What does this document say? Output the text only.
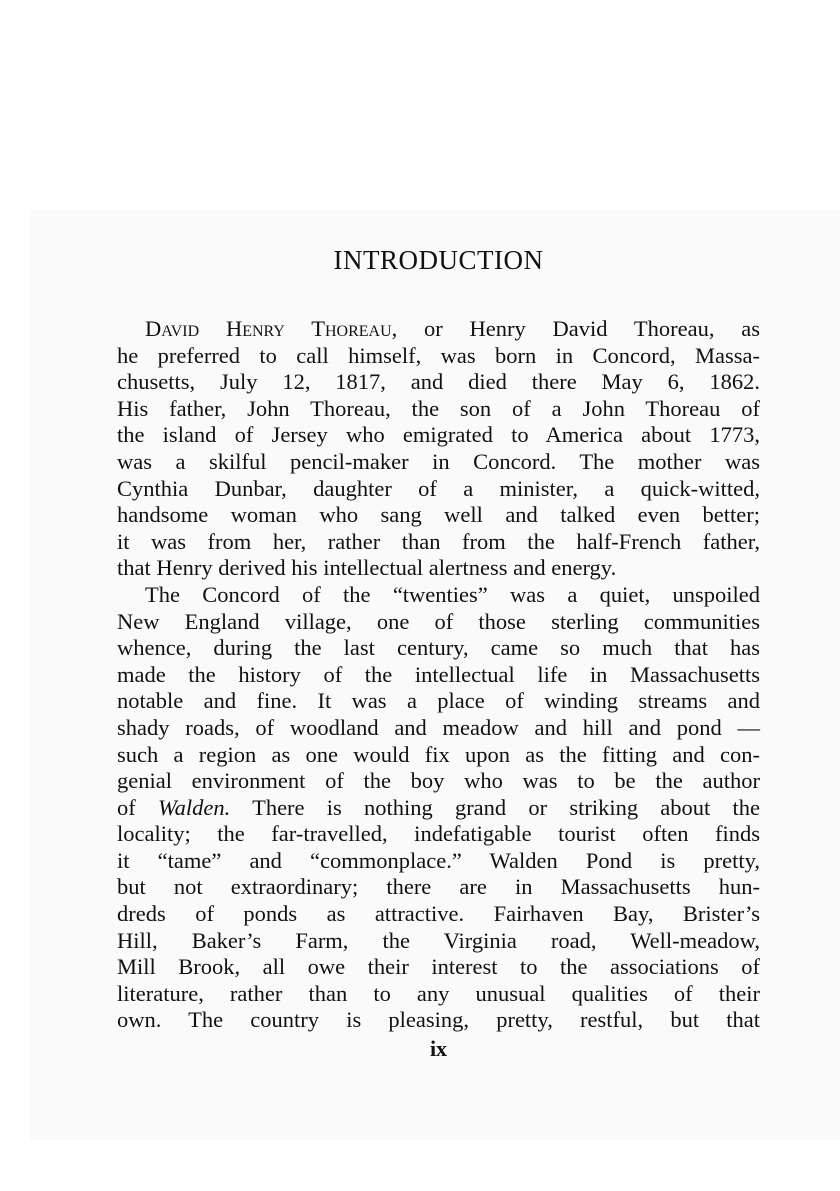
INTRODUCTION
David Henry Thoreau, or Henry David Thoreau, as
he preferred to call himself, was born in Concord, Massa-
chusetts, July 12, 1817, and died there May 6, 1862.
His father, John Thoreau, the son of a John Thoreau of
the island of Jersey who emigrated to America about 1773,
was a skilful pencil-maker in Concord. The mother was
Cynthia Dunbar, daughter of a minister, a quick-witted,
handsome woman who sang well and talked even better;
it was from her, rather than from the half-French father,
that Henry derived his intellectual alertness and energy.
The Concord of the “twenties” was a quiet, unspoiled
New England village, one of those sterling communities
whence, during the last century, came so much that has
made the history of the intellectual life in Massachusetts
notable and fine. It was a place of winding streams and
shady roads, of woodland and meadow and hill and pond —
such a region as one would fix upon as the fitting and con-
genial environment of the boy who was to be the author
of Walden. There is nothing grand or striking about the
locality; the far-travelled, indefatigable tourist often finds
it “tame” and “commonplace.” Walden Pond is pretty,
but not extraordinary; there are in Massachusetts hun-
dreds of ponds as attractive. Fairhaven Bay, Brister’s
Hill, Baker’s Farm, the Virginia road, Well-meadow,
Mill Brook, all owe their interest to the associations of
literature, rather than to any unusual qualities of their
own. The country is pleasing, pretty, restful, but that
ix
